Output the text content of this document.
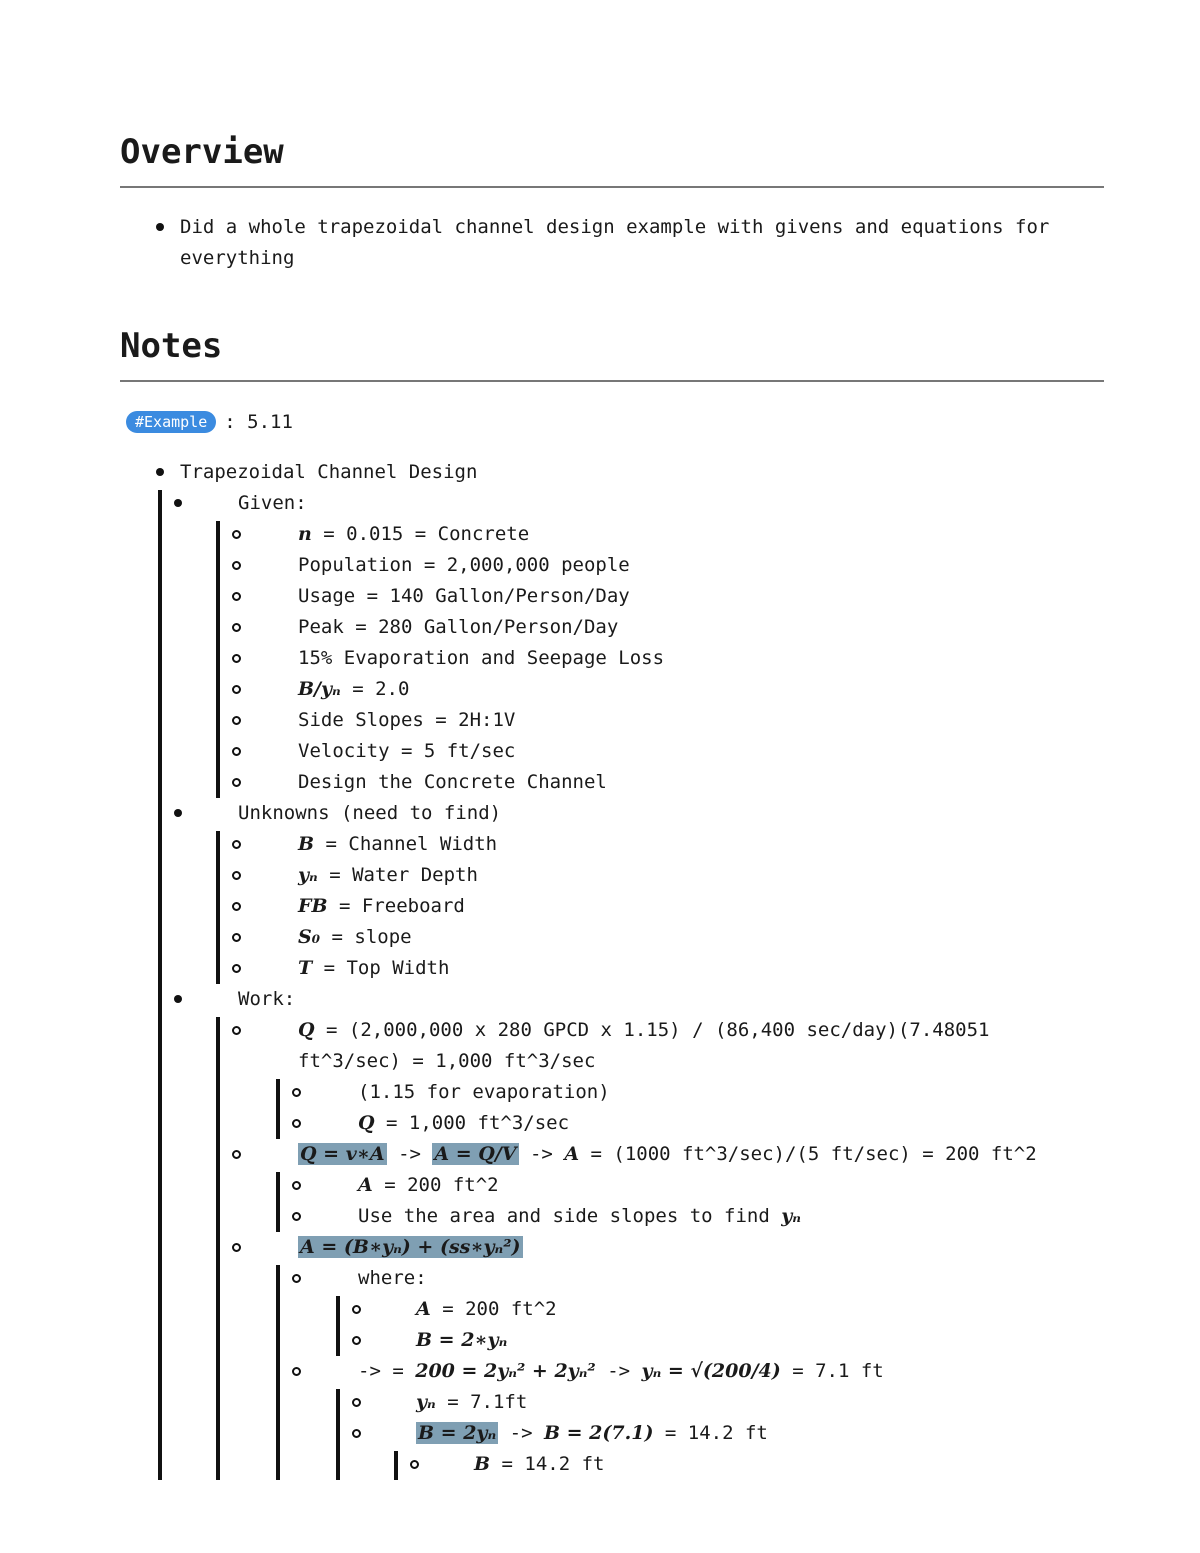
Overview
Did a whole trapezoidal channel design example with givens and equations for everything
Notes
#Example : 5.11
Trapezoidal Channel Design
Given:
n = 0.015 = Concrete
Population = 2,000,000 people
Usage = 140 Gallon/Person/Day
Peak = 280 Gallon/Person/Day
15% Evaporation and Seepage Loss
B/yₙ = 2.0
Side Slopes = 2H:1V
Velocity = 5 ft/sec
Design the Concrete Channel
Unknowns (need to find)
B = Channel Width
yₙ = Water Depth
FB = Freeboard
S₀ = slope
T = Top Width
Work:
Q = (2,000,000 x 280 GPCD x 1.15) / (86,400 sec/day)(7.48051 ft^3/sec) = 1,000 ft^3/sec
(1.15 for evaporation)
Q = 1,000 ft^3/sec
Q = v∗A -> A = Q/V -> A = (1000 ft^3/sec)/(5 ft/sec) = 200 ft^2
A = 200 ft^2
Use the area and side slopes to find yₙ
A = (B∗yₙ) + (ss∗yₙ²)
where:
A = 200 ft^2
B = 2∗yₙ
-> = 200 = 2yₙ² + 2yₙ² -> yₙ = √(200/4) = 7.1 ft
yₙ = 7.1ft
B = 2yₙ -> B = 2(7.1) = 14.2 ft
B = 14.2 ft
